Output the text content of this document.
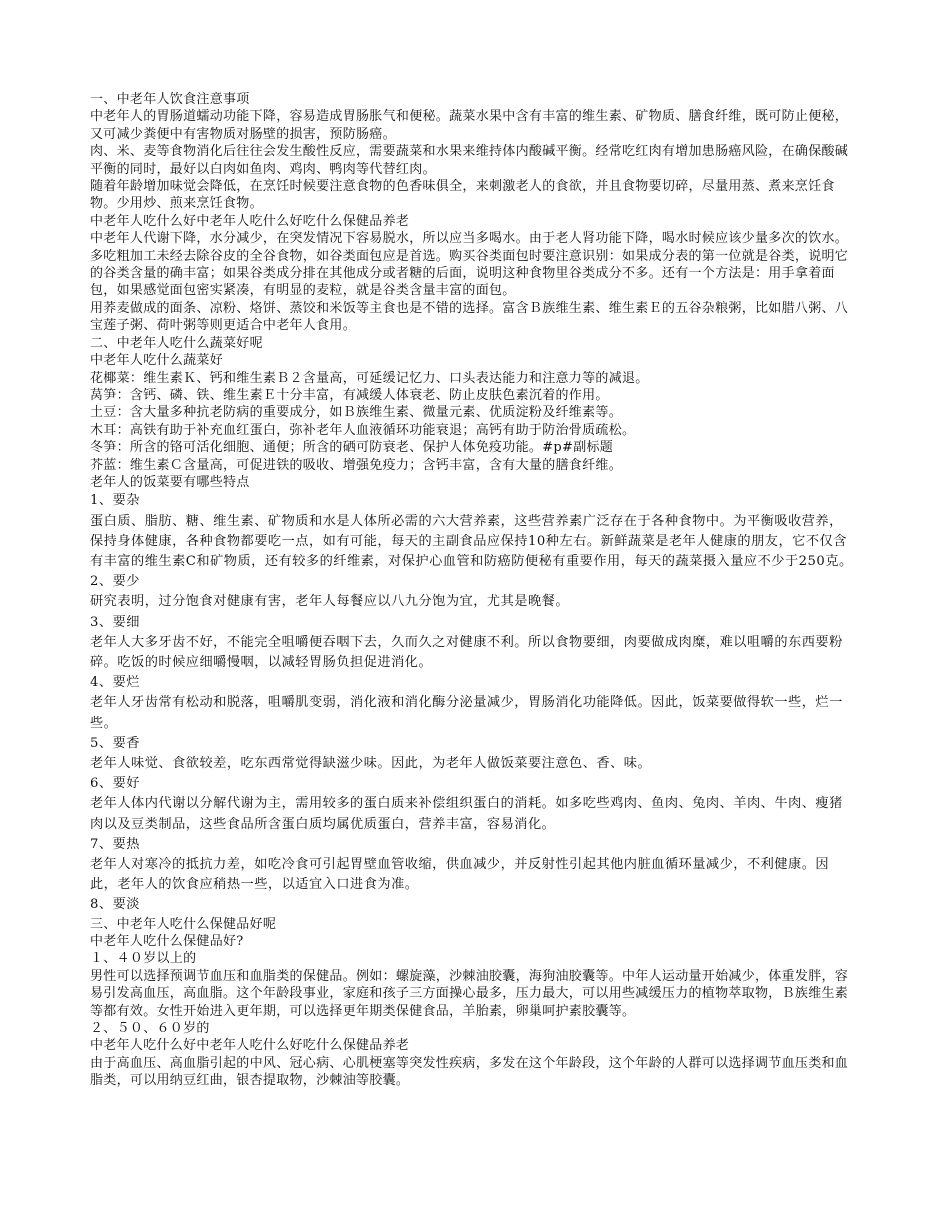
一、中老年人饮食注意事项

中老年人的胃肠道蠕动功能下降，容易造成胃肠胀气和便秘。蔬菜水果中含有丰富的维生素、矿物质、膳食纤维，既可防止便秘，又可减少粪便中有害物质对肠壁的损害，预防肠癌。

肉、米、麦等食物消化后往往会发生酸性反应，需要蔬菜和水果来维持体内酸碱平衡。经常吃红肉有增加患肠癌风险，在确保酸碱平衡的同时，最好以白肉如鱼肉、鸡肉、鸭肉等代替红肉。

随着年龄增加味觉会降低，在烹饪时候要注意食物的色香味俱全，来刺激老人的食欲，并且食物要切碎，尽量用蒸、煮来烹饪食物。少用炒、煎来烹饪食物。

中老年人吃什么好中老年人吃什么好吃什么保健品养老

中老年人代谢下降，水分减少，在突发情况下容易脱水，所以应当多喝水。由于老人肾功能下降，喝水时候应该少量多次的饮水。

多吃粗加工未经去除谷皮的全谷食物，如谷类面包应是首选。购买谷类面包时要注意识别：如果成分表的第一位就是谷类，说明它的谷类含量的确丰富；如果谷类成分排在其他成分或者糖的后面，说明这种食物里谷类成分不多。还有一个方法是：用手拿着面包，如果感觉面包密实紧凑，有明显的麦粒，就是谷类含量丰富的面包。

用荞麦做成的面条、凉粉、烙饼、蒸饺和米饭等主食也是不错的选择。富含Ｂ族维生素、维生素Ｅ的五谷杂粮粥，比如腊八粥、八宝莲子粥、荷叶粥等则更适合中老年人食用。

二、中老年人吃什么蔬菜好呢

中老年人吃什么蔬菜好

花椰菜：维生素Ｋ、钙和维生素Ｂ２含量高，可延缓记忆力、口头表达能力和注意力等的减退。

莴笋：含钙、磷、铁、维生素Ｅ十分丰富，有减缓人体衰老、防止皮肤色素沉着的作用。

土豆：含大量多种抗老防病的重要成分，如Ｂ族维生素、微量元素、优质淀粉及纤维素等。

木耳：高铁有助于补充血红蛋白，弥补老年人血液循环功能衰退；高钙有助于防治骨质疏松。

冬笋：所含的铬可活化细胞、通便；所含的硒可防衰老、保护人体免疫功能。#p#副标题

芥蓝：维生素Ｃ含量高，可促进铁的吸收、增强免疫力；含钙丰富，含有大量的膳食纤维。

老年人的饭菜要有哪些特点

1、要杂

蛋白质、脂肪、糖、维生素、矿物质和水是人体所必需的六大营养素，这些营养素广泛存在于各种食物中。为平衡吸收营养，保持身体健康，各种食物都要吃一点，如有可能，每天的主副食品应保持10种左右。新鲜蔬菜是老年人健康的朋友，它不仅含有丰富的维生素C和矿物质，还有较多的纤维素，对保护心血管和防癌防便秘有重要作用，每天的蔬菜摄入量应不少于250克。

2、要少

研究表明，过分饱食对健康有害，老年人每餐应以八九分饱为宜，尤其是晚餐。

3、要细

老年人大多牙齿不好，不能完全咀嚼便吞咽下去，久而久之对健康不利。所以食物要细，肉要做成肉糜，难以咀嚼的东西要粉碎。吃饭的时候应细嚼慢咽，以减轻胃肠负担促进消化。

4、要烂

老年人牙齿常有松动和脱落，咀嚼肌变弱，消化液和消化酶分泌量减少，胃肠消化功能降低。因此，饭菜要做得软一些，烂一些。

5、要香

老年人味觉、食欲较差，吃东西常觉得缺滋少味。因此，为老年人做饭菜要注意色、香、味。

6、要好

老年人体内代谢以分解代谢为主，需用较多的蛋白质来补偿组织蛋白的消耗。如多吃些鸡肉、鱼肉、兔肉、羊肉、牛肉、瘦猪肉以及豆类制品，这些食品所含蛋白质均属优质蛋白，营养丰富，容易消化。

7、要热

老年人对寒冷的抵抗力差，如吃冷食可引起胃壁血管收缩，供血减少，并反射性引起其他内脏血循环量减少，不利健康。因此，老年人的饮食应稍热一些，以适宜入口进食为准。

8、要淡

三、中老年人吃什么保健品好呢

中老年人吃什么保健品好?

１、４０岁以上的

男性可以选择预调节血压和血脂类的保健品。例如：螺旋藻，沙棘油胶囊，海狗油胶囊等。中年人运动量开始减少，体重发胖，容易引发高血压，高血脂。这个年龄段事业，家庭和孩子三方面操心最多，压力最大，可以用些减缓压力的植物萃取物，Ｂ族维生素等都有效。女性开始进入更年期，可以选择更年期类保健食品，羊胎素，卵巢呵护素胶囊等。

２、５０、６０岁的

中老年人吃什么好中老年人吃什么好吃什么保健品养老

由于高血压、高血脂引起的中风、冠心病、心肌梗塞等突发性疾病，多发在这个年龄段，这个年龄的人群可以选择调节血压类和血脂类，可以用纳豆红曲，银杏提取物，沙棘油等胶囊。
